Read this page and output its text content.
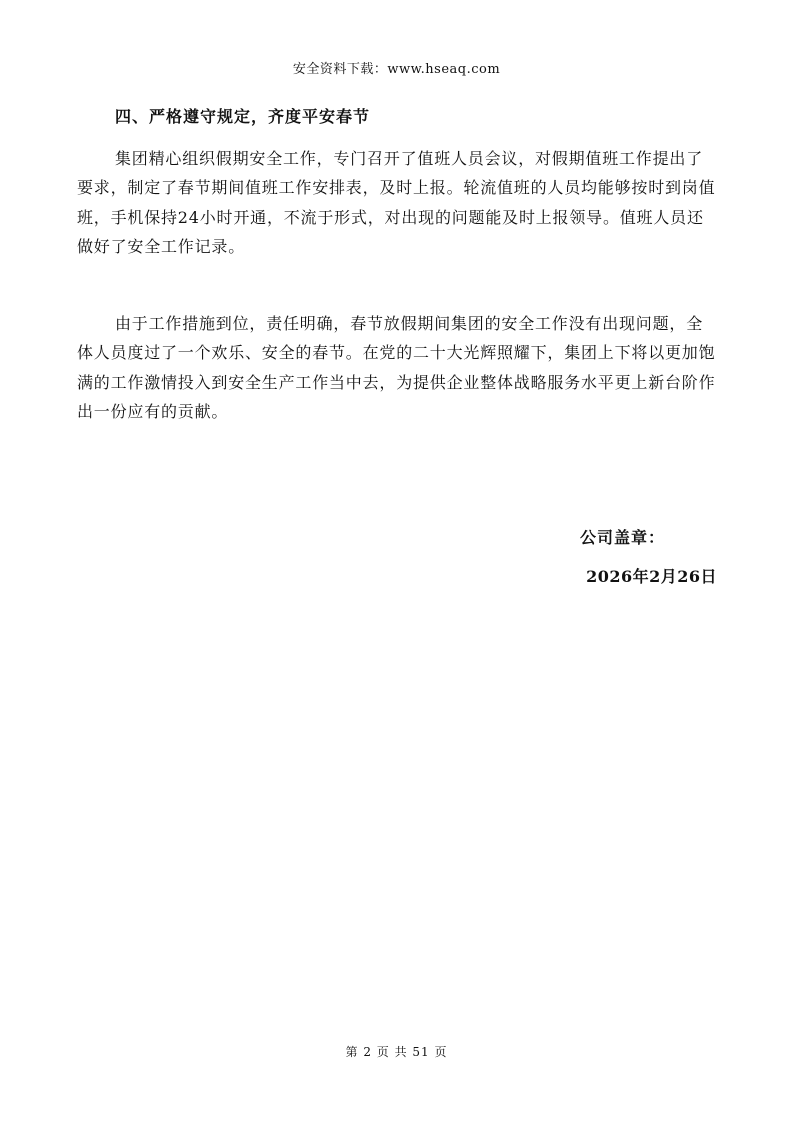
安全资料下载：www.hseaq.com
四、严格遵守规定，齐度平安春节

集团精心组织假期安全工作，专门召开了值班人员会议，对假期值班工作提出了要求，制定了春节期间值班工作安排表，及时上报。轮流值班的人员均能够按时到岗值班，手机保持24小时开通，不流于形式，对出现的问题能及时上报领导。值班人员还做好了安全工作记录。

由于工作措施到位，责任明确，春节放假期间集团的安全工作没有出现问题，全体人员度过了一个欢乐、安全的春节。在党的二十大光辉照耀下，集团上下将以更加饱满的工作激情投入到安全生产工作当中去，为提供企业整体战略服务水平更上新台阶作出一份应有的贡献。

公司盖章：
2026年2月26日
第 2 页 共 51 页
